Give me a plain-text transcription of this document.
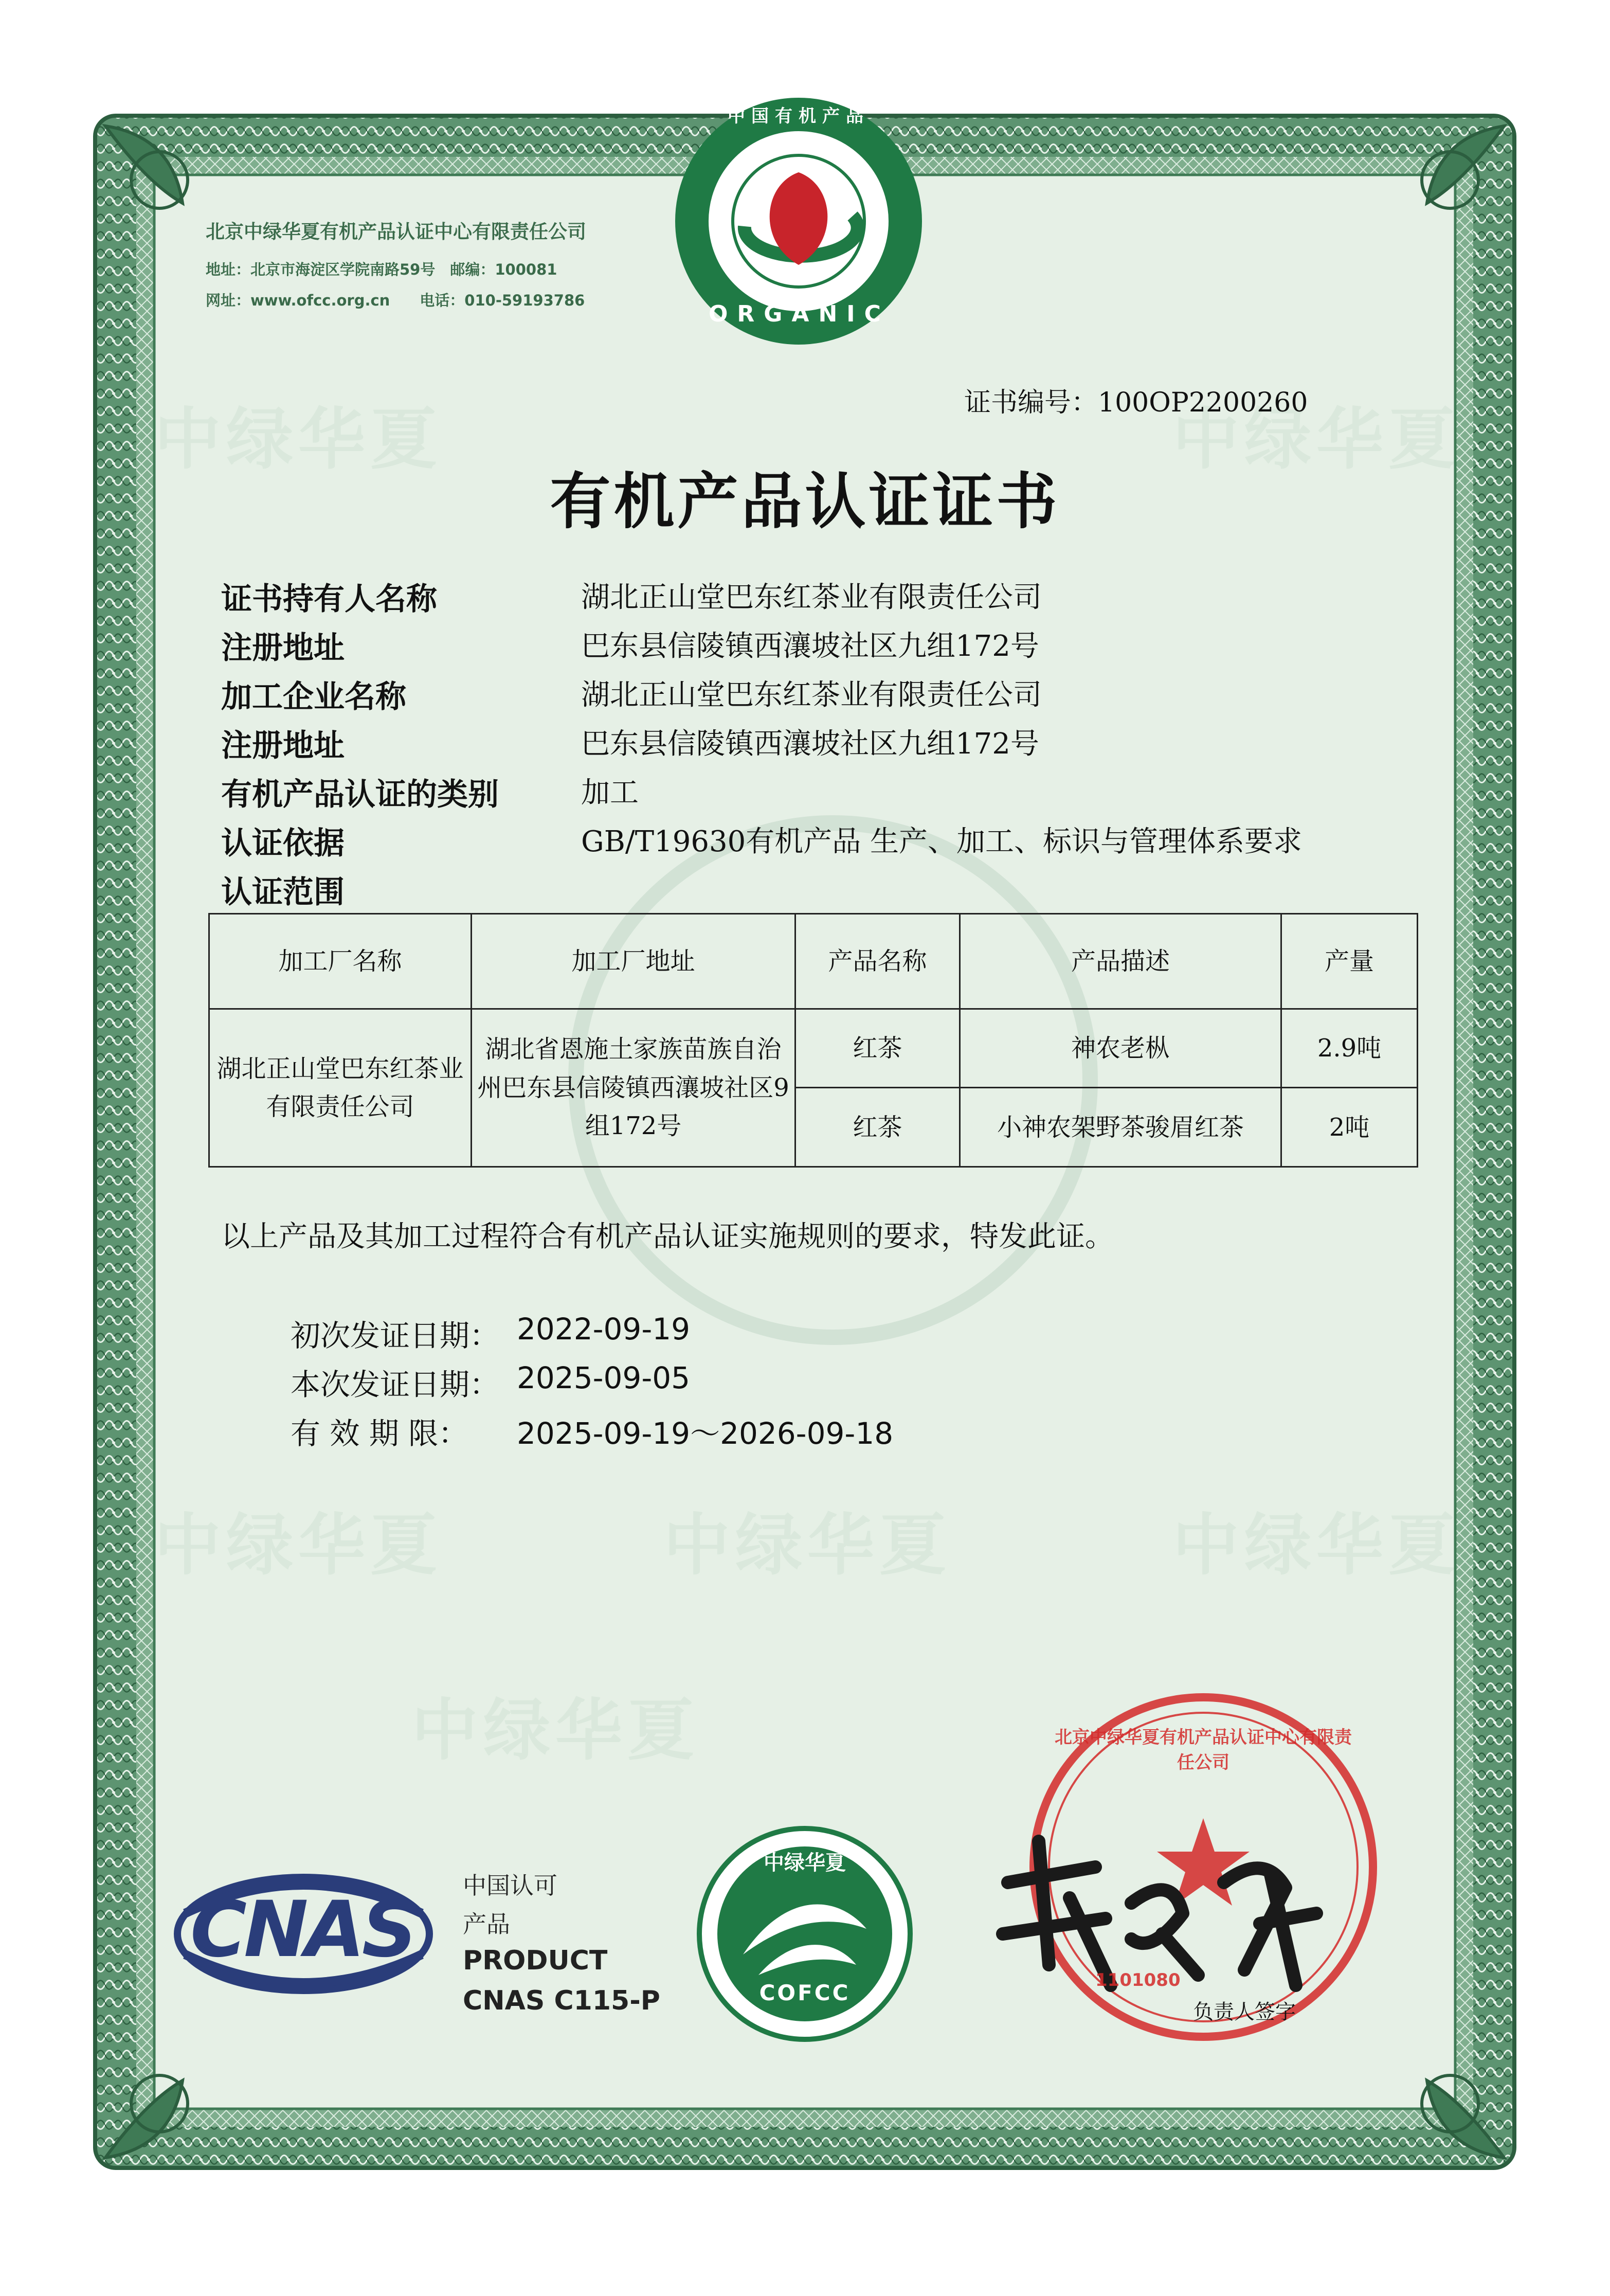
中国有机产品
ORGANIC
北京中绿华夏有机产品认证中心有限责任公司
地址：北京市海淀区学院南路59号　邮编：100081
网址：www.ofcc.org.cn　　电话：010-59193786
中绿华夏	中绿华夏
中绿华夏	中绿华夏	中绿华夏
中绿华夏
证书编号：100OP2200260
有机产品认证证书
证书持有人名称	湖北正山堂巴东红茶业有限责任公司
注册地址	巴东县信陵镇西瀼坡社区九组172号
加工企业名称	湖北正山堂巴东红茶业有限责任公司
注册地址	巴东县信陵镇西瀼坡社区九组172号
有机产品认证的类别	加工
认证依据	GB/T19630有机产品 生产、加工、标识与管理体系要求
认证范围
加工厂名称	加工厂地址	产品名称	产品描述	产量
湖北正山堂巴东红茶业有限责任公司	湖北省恩施土家族苗族自治州巴东县信陵镇西瀼坡社区9组172号	红茶	神农老枞	2.9吨
		红茶	小神农架野茶骏眉红茶	2吨
以上产品及其加工过程符合有机产品认证实施规则的要求，特发此证。
初次发证日期： 2022-09-19
本次发证日期： 2025-09-05
有 效 期 限： 2025-09-19～2026-09-18
CNAS 中国认可
产品
PRODUCT
CNAS C115-P
中绿华夏
COFCC
北京中绿华夏有机产品认证中心有限责任公司
1101080
负责人签字
